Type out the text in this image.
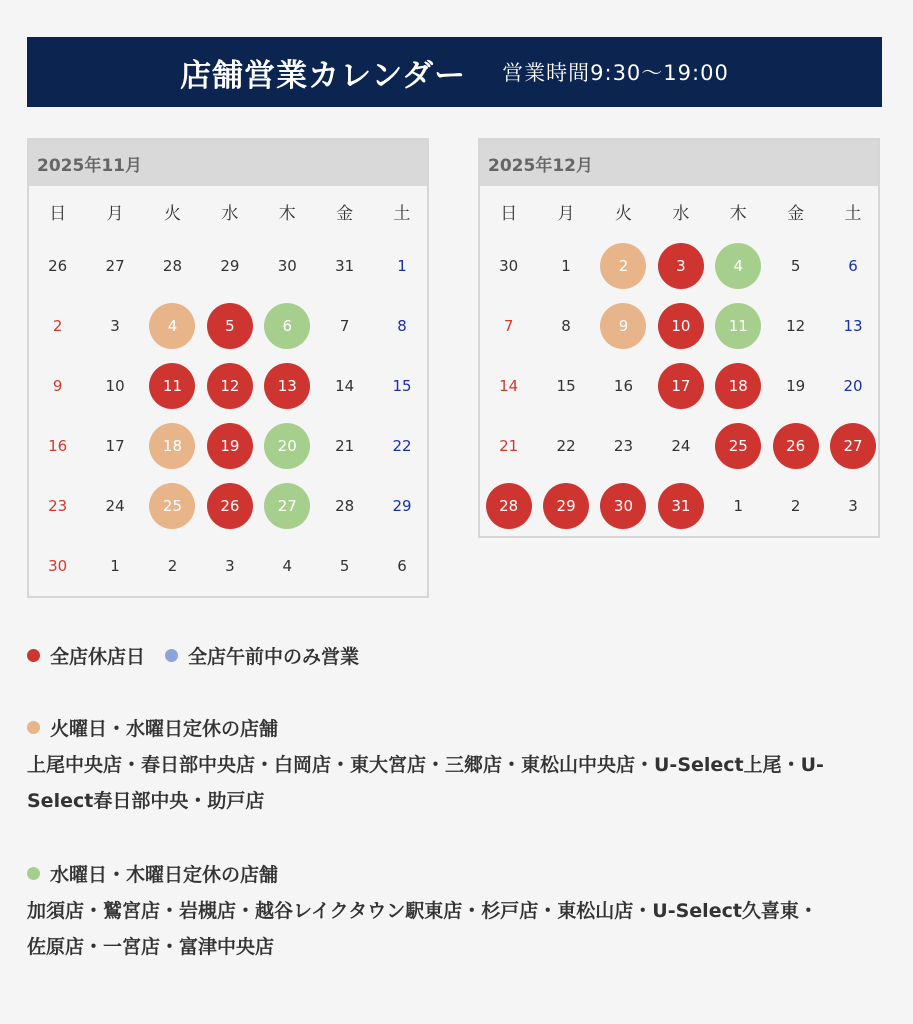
店舗営業カレンダー 営業時間9:30〜19:00
2025年11月
日	月	火	水	木	金	土
26	27	28	29	30	31	1
2	3	4	5	6	7	8
9	10	11	12	13	14	15
16	17	18	19	20	21	22
23	24	25	26	27	28	29
30	1	2	3	4	5	6
2025年12月
日	月	火	水	木	金	土
30	1	2	3	4	5	6
7	8	9	10	11	12	13
14	15	16	17	18	19	20
21	22	23	24	25	26	27
28	29	30	31	1	2	3
全店休店日 全店午前中のみ営業
火曜日・水曜日定休の店舗
上尾中央店・春日部中央店・白岡店・東大宮店・三郷店・東松山中央店・U-Select上尾・U-Select春日部中央・助戸店
水曜日・木曜日定休の店舗
加須店・鷲宮店・岩槻店・越谷レイクタウン駅東店・杉戸店・東松山店・U-Select久喜東・佐原店・一宮店・富津中央店
